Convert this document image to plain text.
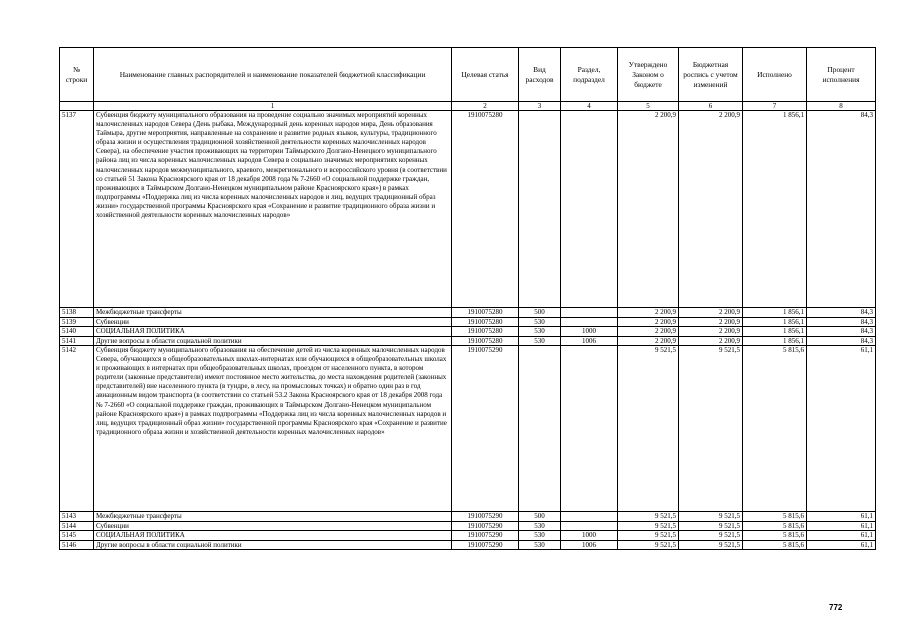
№ строки	Наименование главных распорядителей и наименование показателей бюджетной классификации	Целевая статья	Вид расходов	Раздел, подраздел	Утверждено Законом о бюджете	Бюджетная роспись с учетом изменений	Исполнено	Процент исполнения
	1	2	3	4	5	6	7	8
5137	Субвенция бюджету муниципального образования на проведение социально значимых мероприятий коренных малочисленных народов Севера (День рыбака, Международный день коренных народов мира, День образования Таймыра, другие мероприятия, направленные на сохранение и развитие родных языков, культуры, традиционного образа жизни и осуществления традиционной хозяйственной деятельности коренных малочисленных народов Севера), на обеспечение участия проживающих на территории Таймырского Долгано-Ненецкого муниципального района лиц из числа коренных малочисленных народов Севера в социально значимых мероприятиях коренных малочисленных народов межмуниципального, краевого, межрегионального и всероссийского уровня (в соответствии со статьей 51 Закона Красноярского края от 18 декабря 2008 года № 7-2660 «О социальной поддержке граждан, проживающих в Таймырском Долгано-Ненецком муниципальном районе Красноярского края») в рамках подпрограммы «Поддержка лиц из числа коренных малочисленных народов и лиц, ведущих традиционный образ жизни» государственной программы Красноярского края «Сохранение и развитие традиционного образа жизни и хозяйственной деятельности коренных малочисленных народов»	1910075280			2 200,9	2 200,9	1 856,1	84,3
5138	Межбюджетные трансферты	1910075280	500		2 200,9	2 200,9	1 856,1	84,3
5139	Субвенции	1910075280	530		2 200,9	2 200,9	1 856,1	84,3
5140	СОЦИАЛЬНАЯ ПОЛИТИКА	1910075280	530	1000	2 200,9	2 200,9	1 856,1	84,3
5141	Другие вопросы в области социальной политики	1910075280	530	1006	2 200,9	2 200,9	1 856,1	84,3
5142	Субвенция бюджету муниципального образования на обеспечение детей из числа коренных малочисленных народов Севера, обучающихся в общеобразовательных школах-интернатах или обучающихся в общеобразовательных школах и проживающих в интернатах при общеобразовательных школах, проездом от населенного пункта, в котором родители (законные представители) имеют постоянное место жительства, до места нахождения родителей (законных представителей) вне населенного пункта (в тундре, в лесу, на промысловых точках) и обратно один раз в год авиационным видом транспорта (в соответствии со статьей 53.2 Закона Красноярского края от 18 декабря 2008 года № 7-2660 «О социальной поддержке граждан, проживающих в Таймырском Долгано-Ненецком муниципальном районе Красноярского края») в рамках подпрограммы «Поддержка лиц из числа коренных малочисленных народов и лиц, ведущих традиционный образ жизни» государственной программы Красноярского края «Сохранение и развитие традиционного образа жизни и хозяйственной деятельности коренных малочисленных народов»	1910075290			9 521,5	9 521,5	5 815,6	61,1
5143	Межбюджетные трансферты	1910075290	500		9 521,5	9 521,5	5 815,6	61,1
5144	Субвенции	1910075290	530		9 521,5	9 521,5	5 815,6	61,1
5145	СОЦИАЛЬНАЯ ПОЛИТИКА	1910075290	530	1000	9 521,5	9 521,5	5 815,6	61,1
5146	Другие вопросы в области социальной политики	1910075290	530	1006	9 521,5	9 521,5	5 815,6	61,1
772
